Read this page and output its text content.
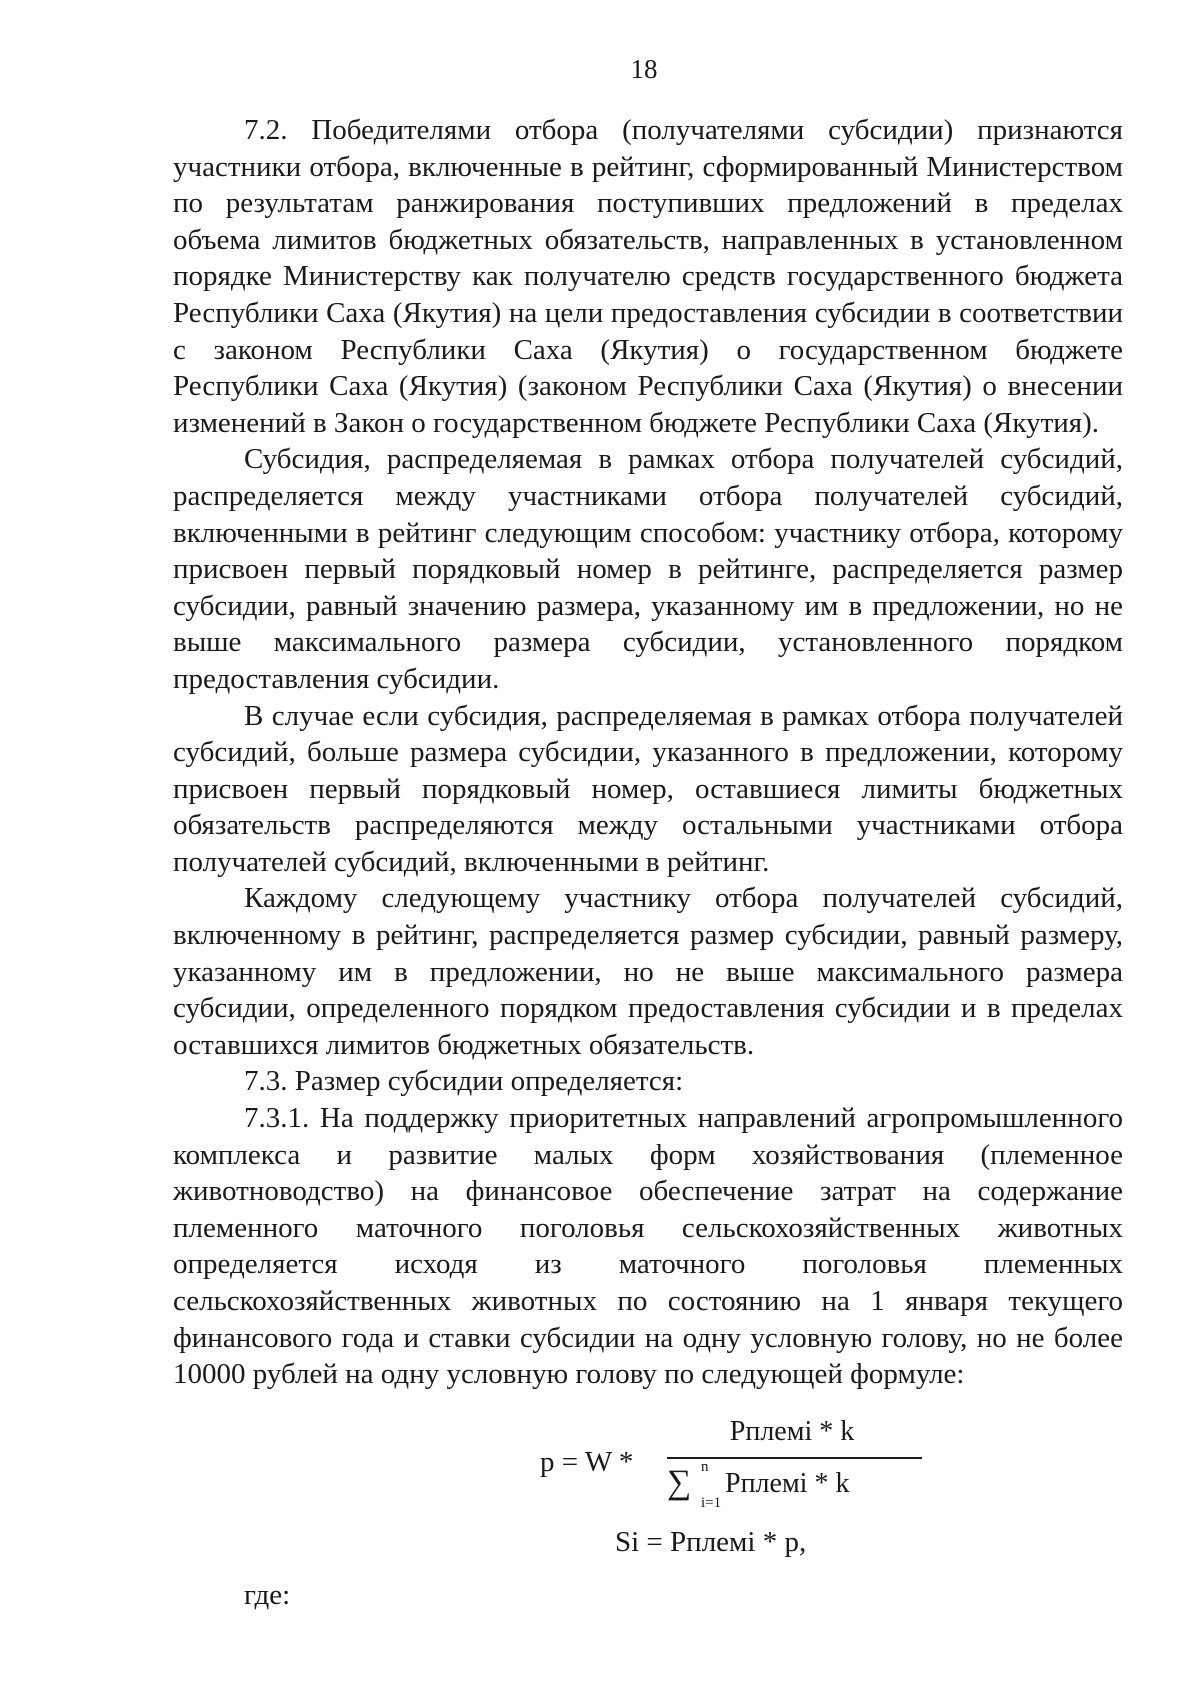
18

7.2. Победителями отбора (получателями субсидии) признаются участники отбора, включенные в рейтинг, сформированный Министерством по результатам ранжирования поступивших предложений в пределах объема лимитов бюджетных обязательств, направленных в установленном порядке Министерству как получателю средств государственного бюджета Республики Саха (Якутия) на цели предоставления субсидии в соответствии с законом Республики Саха (Якутия) о государственном бюджете Республики Саха (Якутия) (законом Республики Саха (Якутия) о внесении изменений в Закон о государственном бюджете Республики Саха (Якутия).

Субсидия, распределяемая в рамках отбора получателей субсидий, распределяется между участниками отбора получателей субсидий, включенными в рейтинг следующим способом: участнику отбора, которому присвоен первый порядковый номер в рейтинге, распределяется размер субсидии, равный значению размера, указанному им в предложении, но не выше максимального размера субсидии, установленного порядком предоставления субсидии.

В случае если субсидия, распределяемая в рамках отбора получателей субсидий, больше размера субсидии, указанного в предложении, которому присвоен первый порядковый номер, оставшиеся лимиты бюджетных обязательств распределяются между остальными участниками отбора получателей субсидий, включенными в рейтинг.

Каждому следующему участнику отбора получателей субсидий, включенному в рейтинг, распределяется размер субсидии, равный размеру, указанному им в предложении, но не выше максимального размера субсидии, определенного порядком предоставления субсидии и в пределах оставшихся лимитов бюджетных обязательств.

7.3. Размер субсидии определяется:

7.3.1. На поддержку приоритетных направлений агропромышленного комплекса и развитие малых форм хозяйствования (племенное животноводство) на финансовое обеспечение затрат на содержание племенного маточного поголовья сельскохозяйственных животных определяется исходя из маточного поголовья племенных сельскохозяйственных животных по состоянию на 1 января текущего финансового года и ставки субсидии на одну условную голову, но не более 10000 рублей на одну условную голову по следующей формуле:

p = W *
Pплемi * k
∑ n
i=1
Pплемi * k
Si = Рплемi * p,
где:
